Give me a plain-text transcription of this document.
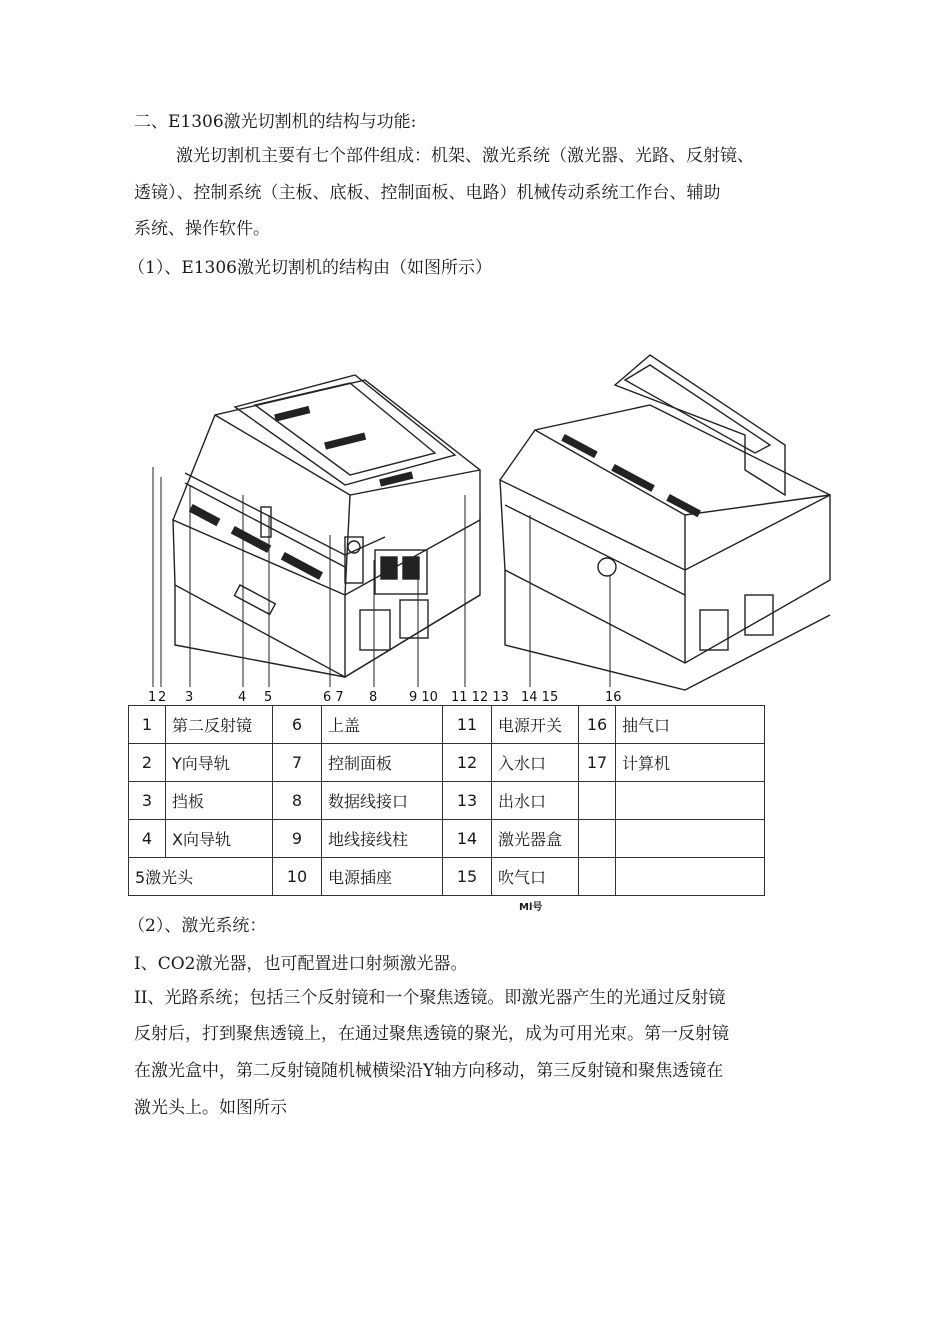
二、E1306激光切割机的结构与功能:
激光切割机主要有七个部件组成：机架、激光系统（激光器、光路、反射镜、
透镜）、控制系统（主板、底板、控制面板、电路）机械传动系统工作台、辅助
系统、操作软件。
（1）、E1306激光切割机的结构由（如图所示）
1 2 3	4 5	6 7 8 9 10 11 12 13 14 15	16
1	第二反射镜	6	上盖	11	电源开关	16	抽气口
2	Y向导轨	7	控制面板	12	入水口	17	计算机
3	挡板	8	数据线接口	13	出水口		
4	X向导轨	9	地线接线柱	14	激光器盒		
5激光头		10	电源插座	15	吹气口		
Ml号
（2）、激光系统：
I、CO2激光器，也可配置进口射频激光器。
II、光路系统；包括三个反射镜和一个聚焦透镜。即激光器产生的光通过反射镜
反射后，打到聚焦透镜上，在通过聚焦透镜的聚光，成为可用光束。第一反射镜
在激光盒中，第二反射镜随机械横梁沿Y轴方向移动，第三反射镜和聚焦透镜在
激光头上。如图所示
